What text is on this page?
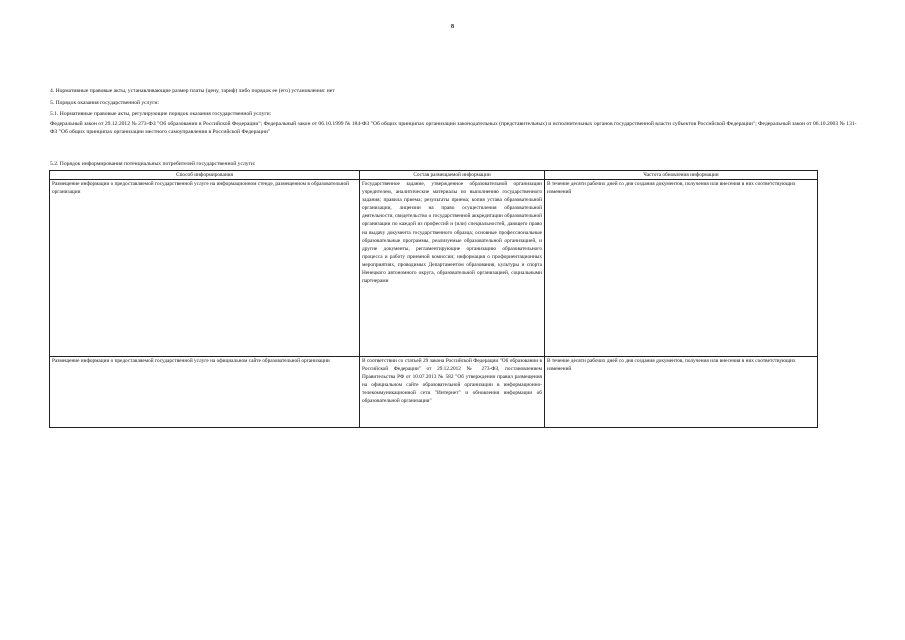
8
4. Нормативные правовые акты, устанавливающие размер платы (цену, тариф) либо порядок ее (его) установления: нет
5. Порядок оказания государственной услуги:
5.1. Нормативные правовые акты, регулирующие порядок оказания государственной услуги:
Федеральный закон от 29.12.2012 № 273-ФЗ "Об образовании в Российской Федерации"; Федеральный закон от 06.10.1999 № 184-ФЗ "Об общих принципах организации законодательных (представительных) и исполнительных органов государственной власти субъектов Российской Федерации"; Федеральный закон от 06.10.2003 № 131-ФЗ "Об общих принципах организации местного самоуправления в Российской Федерации"
5.2. Порядок информирования потенциальных потребителей государственной услуги:
Способ информирования	Состав размещаемой информации	Частота обновления информации

Размещение информации о предоставляемой государственной услуге на информационном стенде, размещенном в образовательной организации	Государственное задание, утвержденное образовательной организации учредителем, аналитические материалы по выполнению государственного задания; правила приема; результаты приема; копия устава образовательной организации, лицензии на право осуществления образовательной деятельности, свидетельство о государственной аккредитации образовательной организации по каждой из профессий и (или) специальностей, дающего право на выдачу документа государственного образца; основные профессиональные образовательные программы, реализуемые образовательной организацией, и другие документы, регламентирующие организацию образовательного процесса и работу приемной комиссии; информация о профориентационных мероприятиях, проводимых Департаментом образования, культуры и спорта Ненецкого автономного округа, образовательной организацией, социальными партнерами	В течение десяти рабочих дней со дня создания документов, получения или внесения в них соответствующих изменений

Размещение информации о предоставляемой государственной услуге на официальном сайте образовательной организации	В соответствии со статьей 29 закона Российской Федерации "Об образовании в Российской Федерации" от 29.12.2012 № 273-ФЗ, постановлением Правительства РФ от 10.07.2013 № 582 "Об утверждении правил размещения на официальном сайте образовательной организации в информационно-телекоммуникационной сети "Интернет" и обновления информации об образовательной организации"	В течение десяти рабочих дней со дня создания документов, получения или внесения в них соответствующих изменений
